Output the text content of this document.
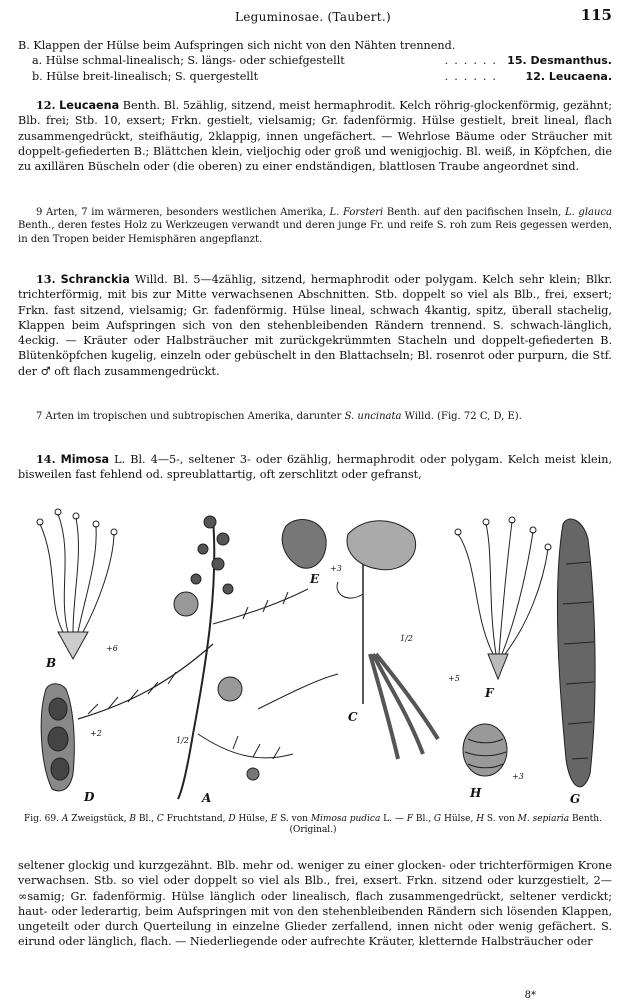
Leguminosae. (Taubert.)	115
B. Klappen der Hülse beim Aufspringen sich nicht von den Nähten trennend.
a. Hülse schmal-linealisch; S. längs- oder schiefgestellt	...... 15. Desmanthus.
b. Hülse breit-linealisch; S. quergestellt	...... 12. Leucaena.
12. Leucaena Benth. Bl. 5zählig, sitzend, meist hermaphrodit. Kelch röhrig-glockenförmig, gezähnt; Blb. frei; Stb. 10, exsert; Frkn. gestielt, vielsamig; Gr. fadenförmig. Hülse gestielt, breit lineal, flach zusammengedrückt, steifhäutig, 2klappig, innen ungefächert. — Wehrlose Bäume oder Sträucher mit doppelt-gefiederten B.; Blättchen klein, vieljochig oder groß und wenigjochig. Bl. weiß, in Köpfchen, die zu axillären Büscheln oder (die oberen) zu einer endständigen, blattlosen Traube angeordnet sind.
9 Arten, 7 im wärmeren, besonders westlichen Amerika, L. Forsteri Benth. auf den pacifischen Inseln, L. glauca Benth., deren festes Holz zu Werkzeugen verwandt und deren junge Fr. und reife S. roh zum Reis gegessen werden, in den Tropen beider Hemisphären angepflanzt.
13. Schranckia Willd. Bl. 5—4zählig, sitzend, hermaphrodit oder polygam. Kelch sehr klein; Blkr. trichterförmig, mit bis zur Mitte verwachsenen Abschnitten. Stb. doppelt so viel als Blb., frei, exsert; Frkn. fast sitzend, vielsamig; Gr. fadenförmig. Hülse lineal, schwach 4kantig, spitz, überall stachelig, Klappen beim Aufspringen sich von den stehenbleibenden Rändern trennend. S. schwach-länglich, 4eckig. — Kräuter oder Halbsträucher mit zurückgekrümmten Stacheln und doppelt-gefiederten B. Blütenköpfchen kugelig, einzeln oder gebüschelt in den Blattachseln; Bl. rosenrot oder purpurn, die Stf. der ♂ oft flach zusammengedrückt.
7 Arten im tropischen und subtropischen Amerika, darunter S. uncinata Willd. (Fig. 72 C, D, E).
14. Mimosa L. Bl. 4—5-, seltener 3- oder 6zählig, hermaphrodit oder polygam. Kelch meist klein, bisweilen fast fehlend od. spreublattartig, oft zerschlitzt oder gefranst,
B
+6
D
+2
A
1/2
E
+3
C
1/2
F
+5
H
+3
G
Fig. 69. A Zweigstück, B Bl., C Fruchtstand, D Hülse, E S. von Mimosa pudica L. — F Bl., G Hülse, H S. von M. sepiaria Benth. (Original.)
seltener glockig und kurzgezähnt. Blb. mehr od. weniger zu einer glocken- oder trichterförmigen Krone verwachsen. Stb. so viel oder doppelt so viel als Blb., frei, exsert. Frkn. sitzend oder kurzgestielt, 2—∞samig; Gr. fadenförmig. Hülse länglich oder linealisch, flach zusammengedrückt, seltener verdickt; haut- oder lederartig, beim Aufspringen mit von den stehenbleibenden Rändern sich lösenden Klappen, ungeteilt oder durch Querteilung in einzelne Glieder zerfallend, innen nicht oder wenig gefächert. S. eirund oder länglich, flach. — Niederliegende oder aufrechte Kräuter, kletternde Halbsträucher oder
8*
